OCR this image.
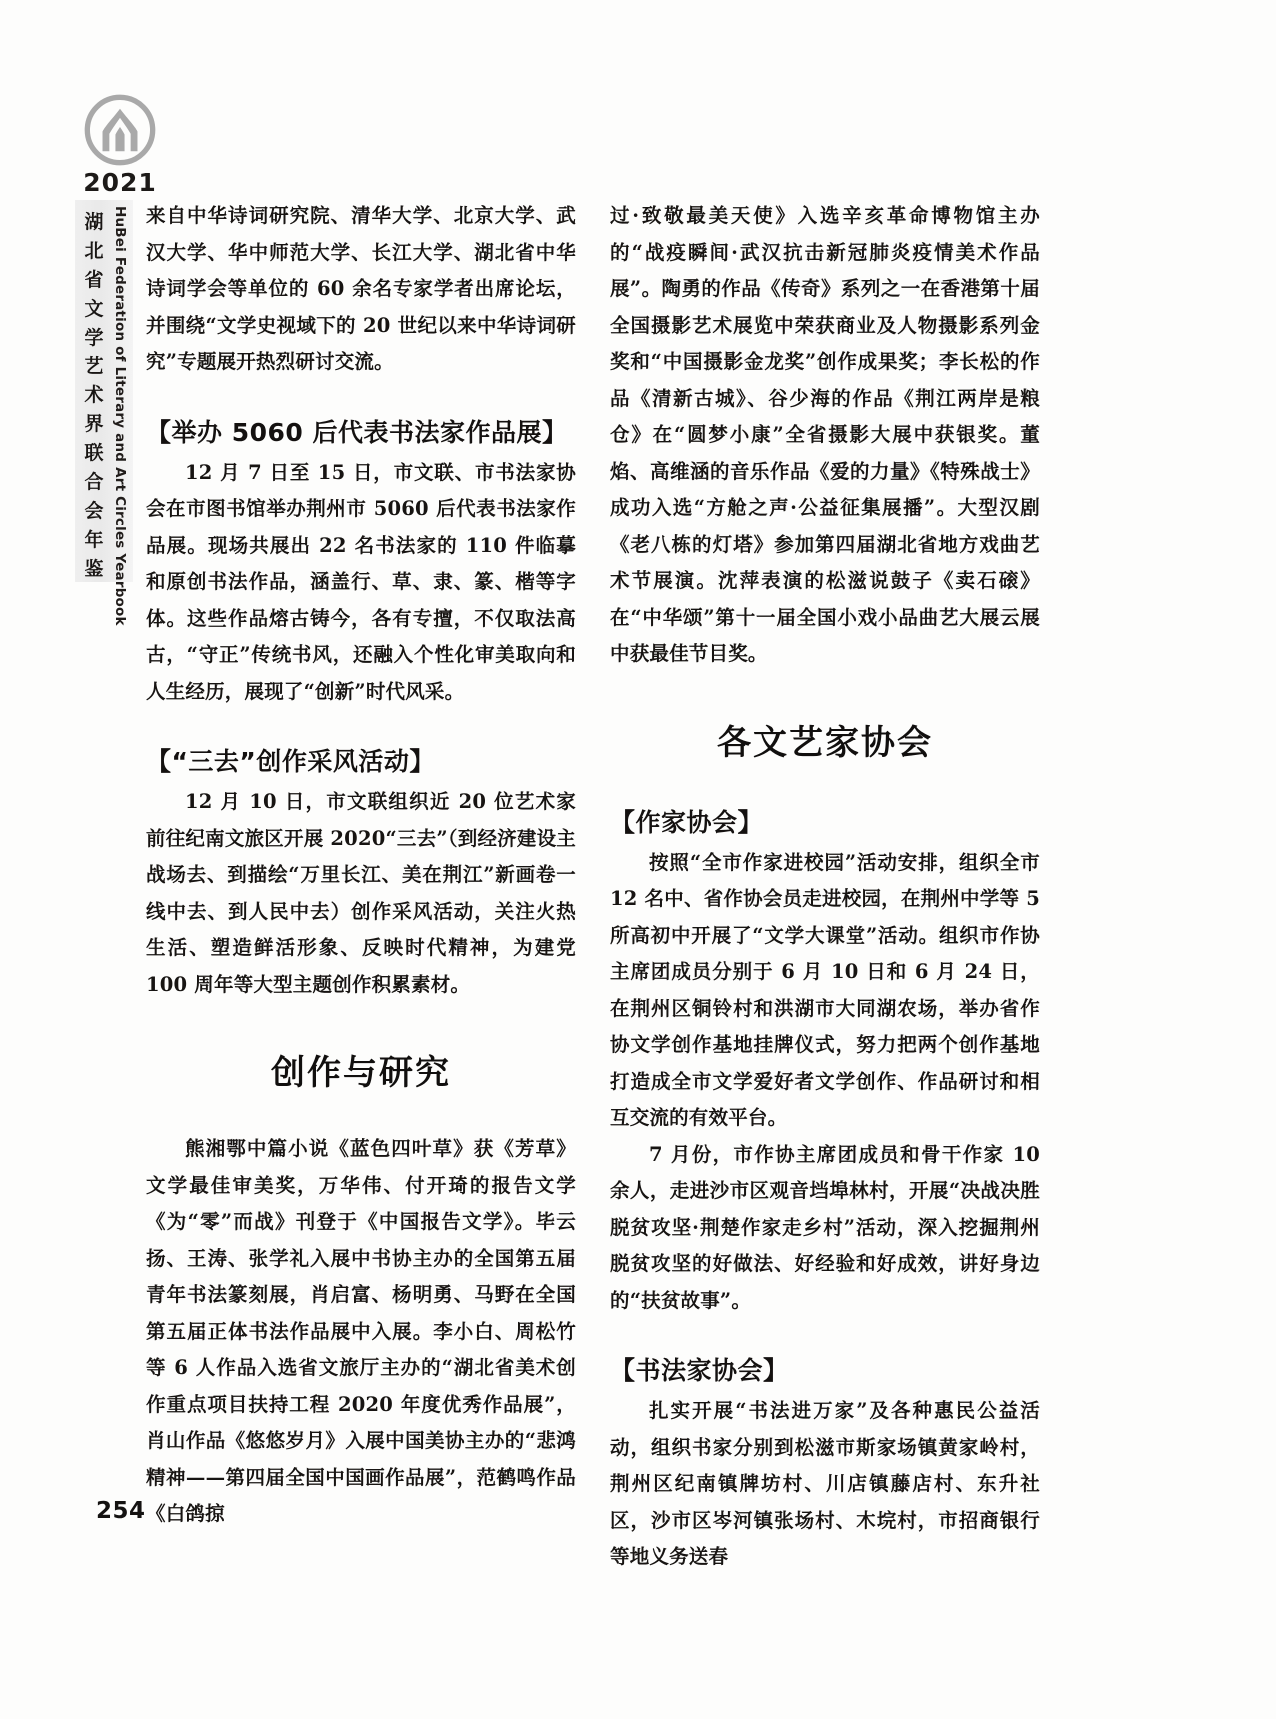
2021
湖
北
省
文
学
艺
术
界
联
合
会
年
鉴 HuBei Federation of Literary and Art Circles Yearbook 来自中华诗词研究院、清华大学、北京大学、武汉大学、华中师范大学、长江大学、湖北省中华诗词学会等单位的 60 余名专家学者出席论坛，并围绕“文学史视域下的 20 世纪以来中华诗词研究”专题展开热烈研讨交流。

【举办 5060 后代表书法家作品展】

12 月 7 日至 15 日，市文联、市书法家协会在市图书馆举办荆州市 5060 后代表书法家作品展。现场共展出 22 名书法家的 110 件临摹和原创书法作品，涵盖行、草、隶、篆、楷等字体。这些作品熔古铸今，各有专擅，不仅取法高古，“守正”传统书风，还融入个性化审美取向和人生经历，展现了“创新”时代风采。

【“三去”创作采风活动】

12 月 10 日，市文联组织近 20 位艺术家前往纪南文旅区开展 2020“三去”（到经济建设主战场去、到描绘“万里长江、美在荆江”新画卷一线中去、到人民中去）创作采风活动，关注火热生活、塑造鲜活形象、反映时代精神，为建党 100 周年等大型主题创作积累素材。

创作与研究

熊湘鄂中篇小说《蓝色四叶草》获《芳草》文学最佳审美奖，万华伟、付开琦的报告文学《为“零”而战》刊登于《中国报告文学》。毕云扬、王涛、张学礼入展中书协主办的全国第五届青年书法篆刻展，肖启富、杨明勇、马野在全国第五届正体书法作品展中入展。李小白、周松竹等 6 人作品入选省文旅厅主办的“湖北省美术创作重点项目扶持工程 2020 年度优秀作品展”，肖山作品《悠悠岁月》入展中国美协主办的“悲鸿精神——第四届全国中国画作品展”，范鹤鸣作品《白鸽掠

过·致敬最美天使》入选辛亥革命博物馆主办的“战疫瞬间·武汉抗击新冠肺炎疫情美术作品展”。陶勇的作品《传奇》系列之一在香港第十届全国摄影艺术展览中荣获商业及人物摄影系列金奖和“中国摄影金龙奖”创作成果奖；李长松的作品《清新古城》、谷少海的作品《荆江两岸是粮仓》在“圆梦小康”全省摄影大展中获银奖。董焰、高维涵的音乐作品《爱的力量》《特殊战士》成功入选“方舱之声·公益征集展播”。大型汉剧《老八栋的灯塔》参加第四届湖北省地方戏曲艺术节展演。沈萍表演的松滋说鼓子《卖石磙》在“中华颂”第十一届全国小戏小品曲艺大展云展中获最佳节目奖。

各文艺家协会
【作家协会】

按照“全市作家进校园”活动安排，组织全市 12 名中、省作协会员走进校园，在荆州中学等 5 所高初中开展了“文学大课堂”活动。组织市作协主席团成员分别于 6 月 10 日和 6 月 24 日，在荆州区铜铃村和洪湖市大同湖农场，举办省作协文学创作基地挂牌仪式，努力把两个创作基地打造成全市文学爱好者文学创作、作品研讨和相互交流的有效平台。

7 月份，市作协主席团成员和骨干作家 10 余人，走进沙市区观音垱埠林村，开展“决战决胜脱贫攻坚·荆楚作家走乡村”活动，深入挖掘荆州脱贫攻坚的好做法、好经验和好成效，讲好身边的“扶贫故事”。

【书法家协会】

扎实开展“书法进万家”及各种惠民公益活动，组织书家分别到松滋市斯家场镇黄家岭村，荆州区纪南镇牌坊村、川店镇藤店村、东升社区，沙市区岑河镇张场村、木垸村，市招商银行等地义务送春

254
